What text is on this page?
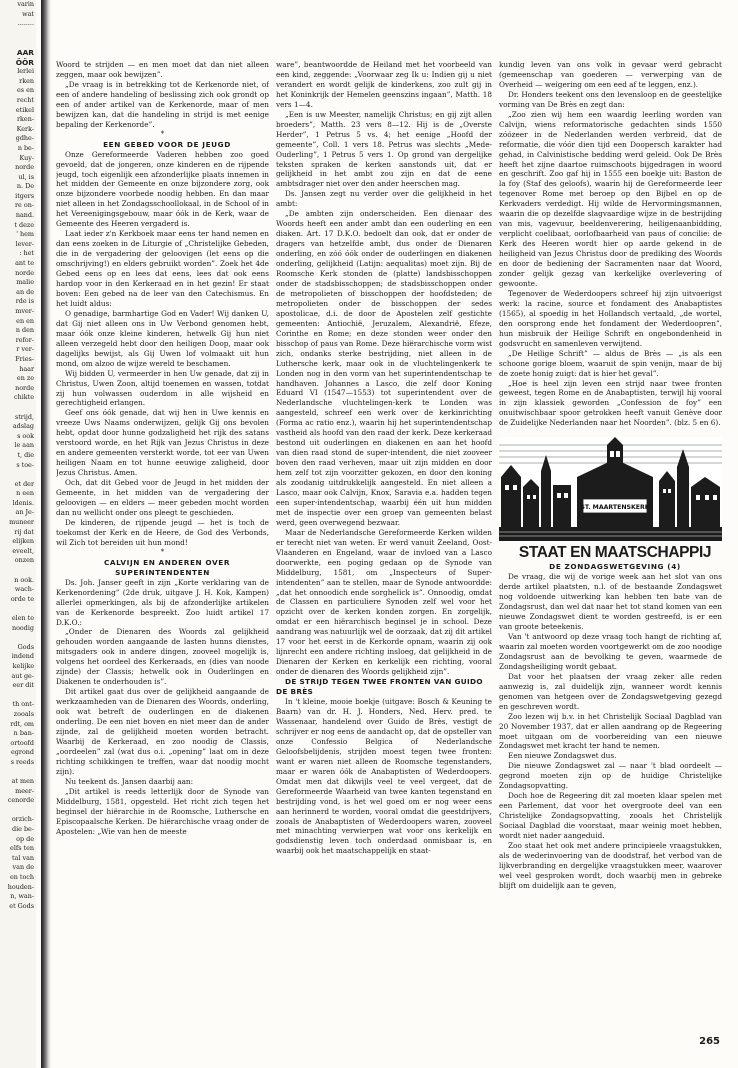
varin

wat

........

AAR

ÖÖR

lerlei

rken

es en

recht

etikel

rken-

Kerk-

gdhe-

n be-

Kuy-

norde

ul, is

n. De

itgers

re on-

nand.

t deze

' hem

lever-

: het

ant te

norde

malie

an de

rde is

mver-

en en

n den

refor-

r ver-

Fries-

haar

en ze

norde

chikte

strijd,

adslag

s ook

le aan

t, die

s toe-

et der

n een

ldenis.

an Je-

muneer

rij dat

elijken

eveelt,

onzen

n ook.

wach-

orde te

elen te

noodig

Gods

indend

kelijke

aut ge-

eer dit

th ont-

zooals

rdt, om

n ban-

ortoofd

egrond

s reeds

at men

meer-

cenorde

orzich-

die be-

op de

elfs ten

tal van

van de

en toch

houden-

n, wan-

et Gods

Woord te strijden — en men moet dat dan niet alleen zeggen, maar ook bewijzen”.

„De vraag is in betrekking tot de Kerkenorde niet, of een of andere handeling of beslissing zich ook grondt op een of ander artikel van de Kerkenorde, maar of men bewijzen kan, dat die handeling in strijd is met eenige bepaling der Kerkenorde”.

*

EEN GEBED VOOR DE JEUGD

Onze Gereformeerde Vaderen hebben zoo goed gevoeld, dat de jongeren, onze kinderen en de rijpende jeugd, toch eigenlijk een afzonderlijke plaats innemen in het midden der Gemeente en onze bijzondere zorg, ook onze bijzondere voorbede noodig hebben. En dan maar niet alleen in het Zondagsschoollokaal, in de School of in het Vereenigingsgebouw, maar óók in de Kerk, waar de Gemeente des Heeren vergaderd is.

Laat ieder z'n Kerkboek maar eens ter hand nemen en dan eens zoeken in de Liturgie of „Christelijke Gebeden, die in de vergadering der geloovigen (let eens op die omschrijving!) en elders gebruikt worden”. Zoek het 4de Gebed eens op en lees dat eens, lees dat ook eens hardop voor in den Kerkeraad en in het gezin! Er staat boven: Een gebed na de leer van den Catechismus. En het luidt aldus:

O genadige, barmhartige God en Vader! Wij danken U, dat Gij niet alleen ons in Uw Verbond genomen hebt, maar óók onze kleine kinderen, hetwelk Gij hun niet alleen verzegeld hebt door den heiligen Doop, maar ook dagelijks bewijst, als Gij Uwen lof volmaakt uit hun mond, om alzoo de wijze wereld te beschamen.

Wij bidden U, vermeerder in hen Uw genade, dat zij in Christus, Uwen Zoon, altijd toenemen en wassen, totdat zij hun volwassen ouderdom in alle wijsheid en gerechtigheid erlangen.

Geef ons óók genade, dat wij hen in Uwe kennis en vreeze Uws Naams onderwijzen, gelijk Gij ons bevolen hebt, opdat door hunne godzaligheid het rijk des satans verstoord worde, en het Rijk van Jezus Christus in deze en andere gemeenten versterkt worde, tot eer van Uwen heiligen Naam en tot hunne eeuwige zaligheid, door Jezus Christus. Amen.

Och, dat dit Gebed voor de Jeugd in het midden der Gemeente, in het midden van de vergadering der geloovigen — en elders — meer gebeden mocht worden dan nu wellicht onder ons pleegt te geschieden.

De kinderen, de rijpende jeugd — het is toch de toekomst der Kerk en de Heere, de God des Verbonds, wil Zich tot bereiden uit hun mond!

*

CALVIJN EN ANDEREN OVER SUPERINTENDENTEN

Ds. Joh. Janser geeft in zijn „Korte verklaring van de Kerkenordening” (2de druk, uitgave J. H. Kok, Kampen) allerlei opmerkingen, als bij de afzonderlijke artikelen van de Kerkenorde bespreekt. Zoo luidt artikel 17 D.K.O.:

„Onder de Dienaren des Woords zal gelijkheid gehouden worden aangaande de lasten hunns dienstes, mitsgaders ook in andere dingen, zooveel mogelijk is, volgens het oordeel des Kerkeraads, en (dies van noode zijnde) der Classis; hetwelk ook in Ouderlingen en Diakenen te onderhouden is”.

Dit artikel gaat dus over de gelijkheid aangaande de werkzaamheden van de Dienaren des Woords, onderling, ook wat betreft de ouderlingen en de diakenen onderling. De een niet boven en niet meer dan de ander zijnde, zal de gelijkheid moeten worden betracht. Waarbij de Kerkeraad, en zoo noodig de Classis, „oordeelen” zal (wat dus o.i. „opening” laat om in deze richting schikkingen te treffen, waar dat noodig mocht zijn).

Nu teekent ds. Jansen daarbij aan:

„Dit artikel is reeds letterlijk door de Synode van Middelburg, 1581, opgesteld. Het richt zich tegen het beginsel der hiërarchie in de Roomsche, Luthersche en Episcopaalsche Kerken. De hiërarchische vraag onder de Apostelen: „Wie van hen de meeste

ware”, beantwoordde de Heiland met het voorbeeld van een kind, zeggende: „Voorwaar zeg Ik u: Indien gij u niet verandert en wordt gelijk de kinderkens, zoo zult gij in het Koninkrijk der Hemelen geenszins ingaan”, Matth. 18 vers 1—4.

„Een is uw Meester, namelijk Christus; en gij zijt allen broeders”, Matth. 23 vers 8—12. Hij is de „Overste Herder”, 1 Petrus 5 vs. 4; het eenige „Hoofd der gemeente”, Coll. 1 vers 18. Petrus was slechts „Mede-Ouderling”, 1 Petrus 5 vers 1. Op grond van dergelijke teksten spraken de kerken aanstonds uit, dat er gelijkheid in het ambt zou zijn en dat de eene ambtsdrager niet over den ander heerschen mag.

Ds. Jansen zegt nu verder over die gelijkheid in het ambt:

„De ambten zijn onderscheiden. Een dienaar des Woords heeft een ander ambt dan een ouderling en een diaken. Art. 17 D.K.O. bedoelt dan ook, dat er onder de dragers van hetzelfde ambt, dus onder de Dienaren onderling, en zóó óók onder de ouderlingen en diakenen onderling, gelijkheid (Latijn: aequalitas) moet zijn. Bij de Roomsche Kerk stonden de (platte) landsbisschoppen onder de stadsbisschoppen; de stadsbisschoppen onder de metropolieten of bisschoppen der hoofdsteden; de metropolieten onder de bisschoppen der sedes apostolicae, d.i. de door de Apostelen zelf gestichte gemeenten: Antiochië, Jeruzalem, Alexandrië, Efeze, Corinthe en Rome; en deze stonden weer onder den bisschop of paus van Rome. Deze hiërarchische vorm wist zich, ondanks sterke bestrijding, niet alleen in de Luthersche kerk, maar ook in de vluchtelingenkerk te Londen nog in den vorm van het superintendentschap te handhaven. Johannes a Lasco, die zelf door Koning Eduard VI (1547—1553) tot superintendent over de Nederlandsche vluchtelingen-kerk te Londen was aangesteld, schreef een werk over de kerkinrichting (Forma ac ratio enz.), waarin hij het superintendentschap vastheid als hoofd van den raad der kerk. Deze kerkeraad bestond uit ouderlingen en diakenen en aan het hoofd van dien raad stond de super-intendent, die niet zooveer boven den raad verheven, maar uit zijn midden en door hem zelf tot zijn voorzitter gekozen, en door den koning als zoodanig uitdrukkelijk aangesteld. En niet alleen a Lasco, maar ook Calvijn, Knox, Saravia e.a. hadden tegen een super-intendentschap, waarbij één uit hun midden met de inspectie over een groep van gemeenten belast werd, geen overwegend bezwaar.

Maar de Nederlandsche Gereformeerde Kerken wilden er terecht niet van weten. Er werd vanuit Zeeland, Oost-Vlaanderen en Engeland, waar de invloed van a Lasco doorwerkte, een poging gedaan op de Synode van Middelburg, 1581, om „Inspecteurs of Super-intendenten” aan te stellen, maar de Synode antwoordde: „dat het onnoodich ende sorghelick is”. Onnoodig, omdat de Classen en particuliere Synoden zelf wel voor het opzicht over de kerken konden zorgen. En zorgelijk, omdat er een hiërarchisch beginsel je in school. Deze aandrang was natuurlijk wel de oorzaak, dat zij dit artikel 17 voor het eerst in de Kerkorde opnam, waarin zij ook lijnrecht een andere richting insloeg, dat gelijkheid in de Dienaren der Kerken en kerkelijk een richting, vooral onder de dienaren des Woords gelijkheid zijn”.

DE STRIJD TEGEN TWEE FRONTEN VAN GUIDO DE BRÈS

In 't kleine, mooie boekje (uitgave: Bosch & Keuning te Baarn) van dr. H. J. Honders, Ned. Herv. pred. te Wassenaar, handelend over Guido de Brès, vestigt de schrijver er nog eens de aandacht op, dat de opsteller van onze Confessio Belgica of Nederlandsche Geloofsbelijdenis, strijden moest tegen twee fronten: want er waren niet alleen de Roomsche tegenstanders, maar er waren óók de Anabaptisten of Wederdoopers. Omdat men dat dikwijls veel te veel vergeet, dat de Gereformeerde Waarheid van twee kanten tegenstand en bestrijding vond, is het wel goed om er nog weer eens aan herinnerd te worden, vooral omdat die geestdrijvers, zooals de Anabaptisten of Wederdoopers waren, zooveel met minachting verwierpen wat voor ons kerkelijk en godsdienstig leven toch onderdaad onmisbaar is, en waarbij ook het maatschappelijk en staat-

kundig leven van ons volk in gevaar werd gebracht (gemeenschap van goederen — verwerping van de Overheid — weigering om een eed af te leggen, enz.).

Dr. Honders teekent ons den levensloop en de geestelijke vorming van De Brès en zegt dan:

„Zoo zien wij hem een waardig leerling worden van Calvijn, wiens reformatorische gedachten sinds 1550 zóózeer in de Nederlanden werden verbreid, dat de reformatie, die vóór dien tijd een Doopersch karakter had gehad, in Calvinistische bedding werd geleid. Ook De Brès heeft het zijne daartoe ruimschoots bijgedragen in woord en geschrift. Zoo gaf hij in 1555 een boekje uit: Baston de la foy (Staf des geloofs), waarin hij de Gereformeerde leer tegenover Rome met beroep op den Bijbel en op de Kerkvaders verdedigt. Hij wilde de Hervormingsmannen, waarin die op dezelfde slagvaardige wijze in de bestrijding van mis, vagevuur, beeldenverering, heiligenaanbidding, verplicht coelibaat, oorlofbaarheid van paus of concilie: de Kerk des Heeren wordt hier op aarde gekend in de heiligheid van Jezus Christus door de prediking des Woords en door de bediening der Sacramenten naar dat Woord, zonder gelijk gezag van kerkelijke overlevering of gewoonte.

Tegenover de Wederdoopers schreef hij zijn uitvoerigst werk: la racine, source et fondament des Anabaptistes (1565), al spoedig in het Hollandsch vertaald, „de wortel, den oorsprong ende het fondament der Wederdoopren”, hun misbruik der Heilige Schrift en ongebondenheid in godsvrucht en samenleven verwijtend.

„De Heilige Schrift” — aldus de Brès — „is als een schoone gorige bloem, waaruit de spin venijn, maar de bij de zoete honig zuigt: dat is hier het geval”.

„Hoe is heel zijn leven een strijd naar twee fronten geweest, tegen Rome en de Anabaptisten, terwijl hij vooral in zijn klassiek geworden „Confession de foy” een onuitwischbaar spoor getrokken heeft vanuit Genève door de Zuidelijke Nederlanden naar het Noorden”. (blz. 5 en 6).

ST. MAARTENSKERK

STAAT EN MAATSCHAPPIJ

DE ZONDAGSWETGEVING (4)

De vraag, die wij de vorige week aan het slot van ons derde artikel plaatsten, n.l. of de bestaande Zondagswet nog voldoende uitwerking kan hebben ten bate van de Zondagsrust, dan wel dat naar het tot stand komen van een nieuwe Zondagswet dient te worden gestreefd, is er een van groote beteekenis.

Van 't antwoord op deze vraag toch hangt de richting af, waarin zal moeten worden voortgewerkt om de zoo noodige Zondagsrust aan de bevolking te geven, waarmede de Zondagsheiliging wordt gebaat.

Dat voor het plaatsen der vraag zeker alle reden aanwezig is, zal duidelijk zijn, wanneer wordt kennis genomen van hetgeen over de Zondagswetgeving gezegd en geschreven wordt.

Zoo lezen wij b.v. in het Christelijk Sociaal Dagblad van 20 November 1937, dat er allen aandrang op de Regeering moet uitgaan om de voorbereiding van een nieuwe Zondagswet met kracht ter hand te nemen.

Een nieuwe Zondagswet dus.

Die nieuwe Zondagswet zal — naar 't blad oordeelt — gegrond moeten zijn op de huidige Christelijke Zondagsopvatting.

Doch hoe de Regeering dit zal moeten klaar spelen met een Parlement, dat voor het overgroote deel van een Christelijke Zondagsopvatting, zooals het Christelijk Sociaal Dagblad die voorstaat, maar weinig moet hebben, wordt niet nader aangeduid.

Zoo staat het ook met andere principieele vraagstukken, als de wederinvoering van de doodstraf, het verbod van de lijkverbranding en dergelijke vraagstukken meer, waarover wel veel gesproken wordt, doch waarbij men in gebreke blijft om duidelijk aan te geven,

265
